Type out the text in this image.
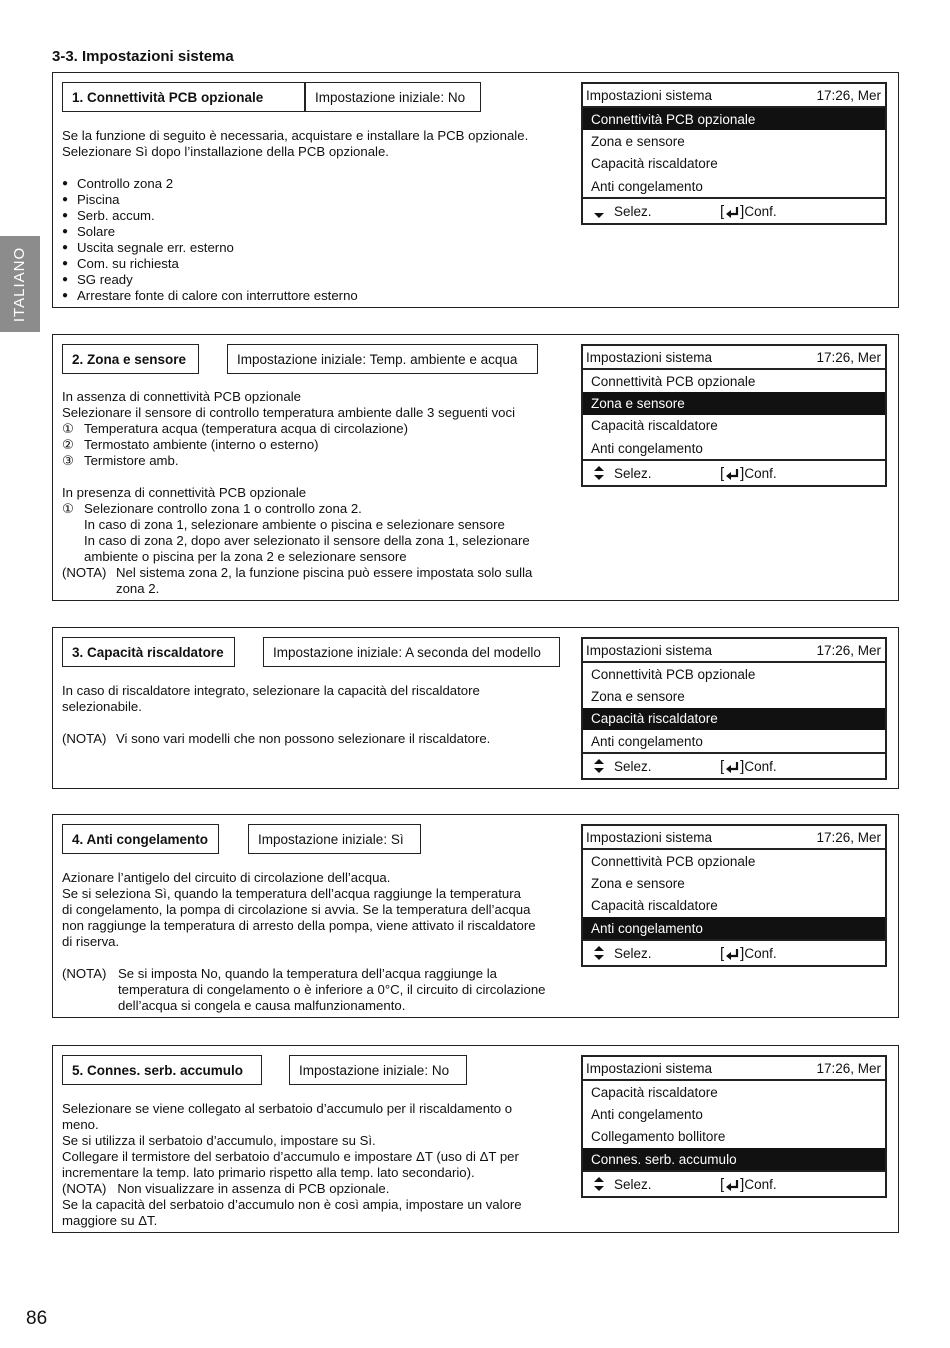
3-3. Impostazioni sistema
ITALIANO
1. Connettività PCB opzionale	Impostazione iniziale: No

Se la funzione di seguito è necessaria, acquistare e installare la PCB opzionale.

Selezionare Sì dopo l’installazione della PCB opzionale.

● Controllo zona 2

● Piscina

● Serb. accum.

● Solare

● Uscita segnale err. esterno

● Com. su richiesta

● SG ready

● Arrestare fonte di calore con interruttore esterno

Impostazioni sistema	17:26, Mer
Connettività PCB opzionale
Zona e sensore
Capacità riscaldatore
Anti congelamento
Selez.	[ ] Conf.
2. Zona e sensore	Impostazione iniziale: Temp. ambiente e acqua

In assenza di connettività PCB opzionale

Selezionare il sensore di controllo temperatura ambiente dalle 3 seguenti voci

① Temperatura acqua (temperatura acqua di circolazione)

② Termostato ambiente (interno o esterno)

③ Termistore amb.

In presenza di connettività PCB opzionale

① Selezionare controllo zona 1 o controllo zona 2.

In caso di zona 1, selezionare ambiente o piscina e selezionare sensore

In caso di zona 2, dopo aver selezionato il sensore della zona 1, selezionare

ambiente o piscina per la zona 2 e selezionare sensore

(NOTA) Nel sistema zona 2, la funzione piscina può essere impostata solo sulla

zona 2.

Impostazioni sistema	17:26, Mer
Connettività PCB opzionale
Zona e sensore
Capacità riscaldatore
Anti congelamento
Selez.	[ ] Conf.
3. Capacità riscaldatore	Impostazione iniziale: A seconda del modello

In caso di riscaldatore integrato, selezionare la capacità del riscaldatore

selezionabile.

(NOTA) Vi sono vari modelli che non possono selezionare il riscaldatore.

Impostazioni sistema	17:26, Mer
Connettività PCB opzionale
Zona e sensore
Capacità riscaldatore
Anti congelamento
Selez.	[ ] Conf.
4. Anti congelamento	Impostazione iniziale: Sì

Azionare l’antigelo del circuito di circolazione dell’acqua.

Se si seleziona Sì, quando la temperatura dell’acqua raggiunge la temperatura

di congelamento, la pompa di circolazione si avvia. Se la temperatura dell’acqua

non raggiunge la temperatura di arresto della pompa, viene attivato il riscaldatore

di riserva.

(NOTA) Se si imposta No, quando la temperatura dell’acqua raggiunge la

temperatura di congelamento o è inferiore a 0°C, il circuito di circolazione

dell’acqua si congela e causa malfunzionamento.

Impostazioni sistema	17:26, Mer
Connettività PCB opzionale
Zona e sensore
Capacità riscaldatore
Anti congelamento
Selez.	[ ] Conf.
5. Connes. serb. accumulo	Impostazione iniziale: No

Selezionare se viene collegato al serbatoio d’accumulo per il riscaldamento o

meno.

Se si utilizza il serbatoio d’accumulo, impostare su Sì.

Collegare il termistore del serbatoio d’accumulo e impostare ΔT (uso di ΔT per

incrementare la temp. lato primario rispetto alla temp. lato secondario).

(NOTA)   Non visualizzare in assenza di PCB opzionale.

Se la capacità del serbatoio d’accumulo non è così ampia, impostare un valore

maggiore su ΔT.

Impostazioni sistema	17:26, Mer
Capacità riscaldatore
Anti congelamento
Collegamento bollitore
Connes. serb. accumulo
Selez.	[ ] Conf.
86
